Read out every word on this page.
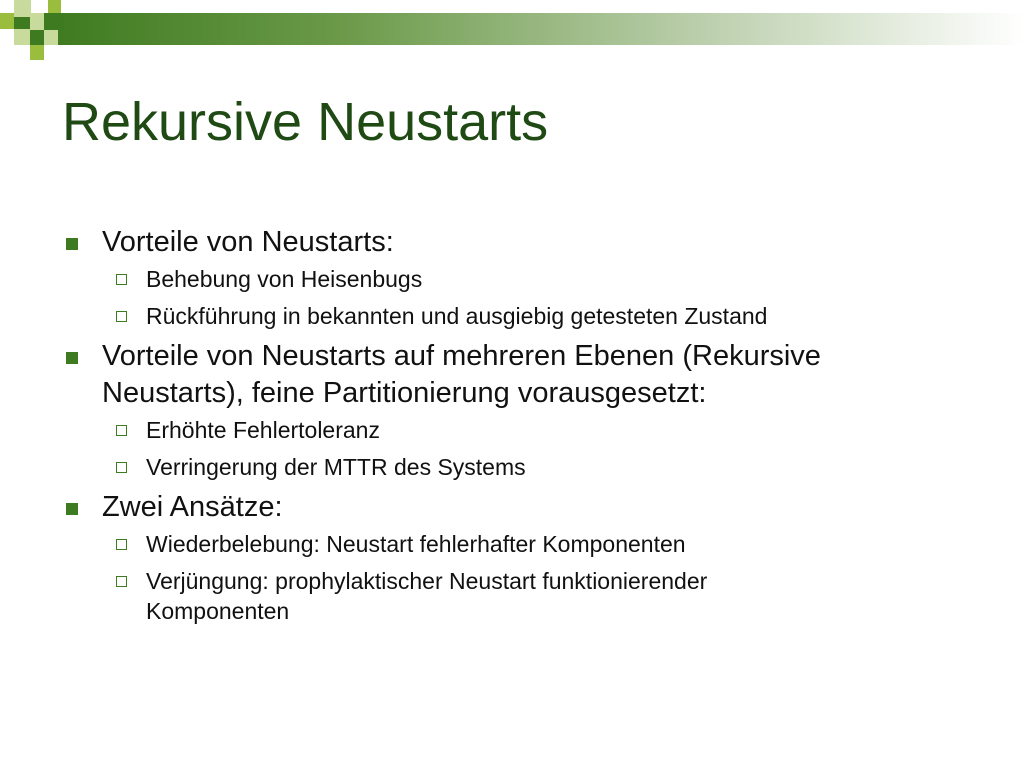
Rekursive Neustarts
Vorteile von Neustarts:
Behebung von Heisenbugs
Rückführung in bekannten und ausgiebig getesteten Zustand
Vorteile von Neustarts auf mehreren Ebenen (Rekursive
Neustarts), feine Partitionierung vorausgesetzt:
Erhöhte Fehlertoleranz
Verringerung der MTTR des Systems
Zwei Ansätze:
Wiederbelebung: Neustart fehlerhafter Komponenten
Verjüngung: prophylaktischer Neustart funktionierender
Komponenten
